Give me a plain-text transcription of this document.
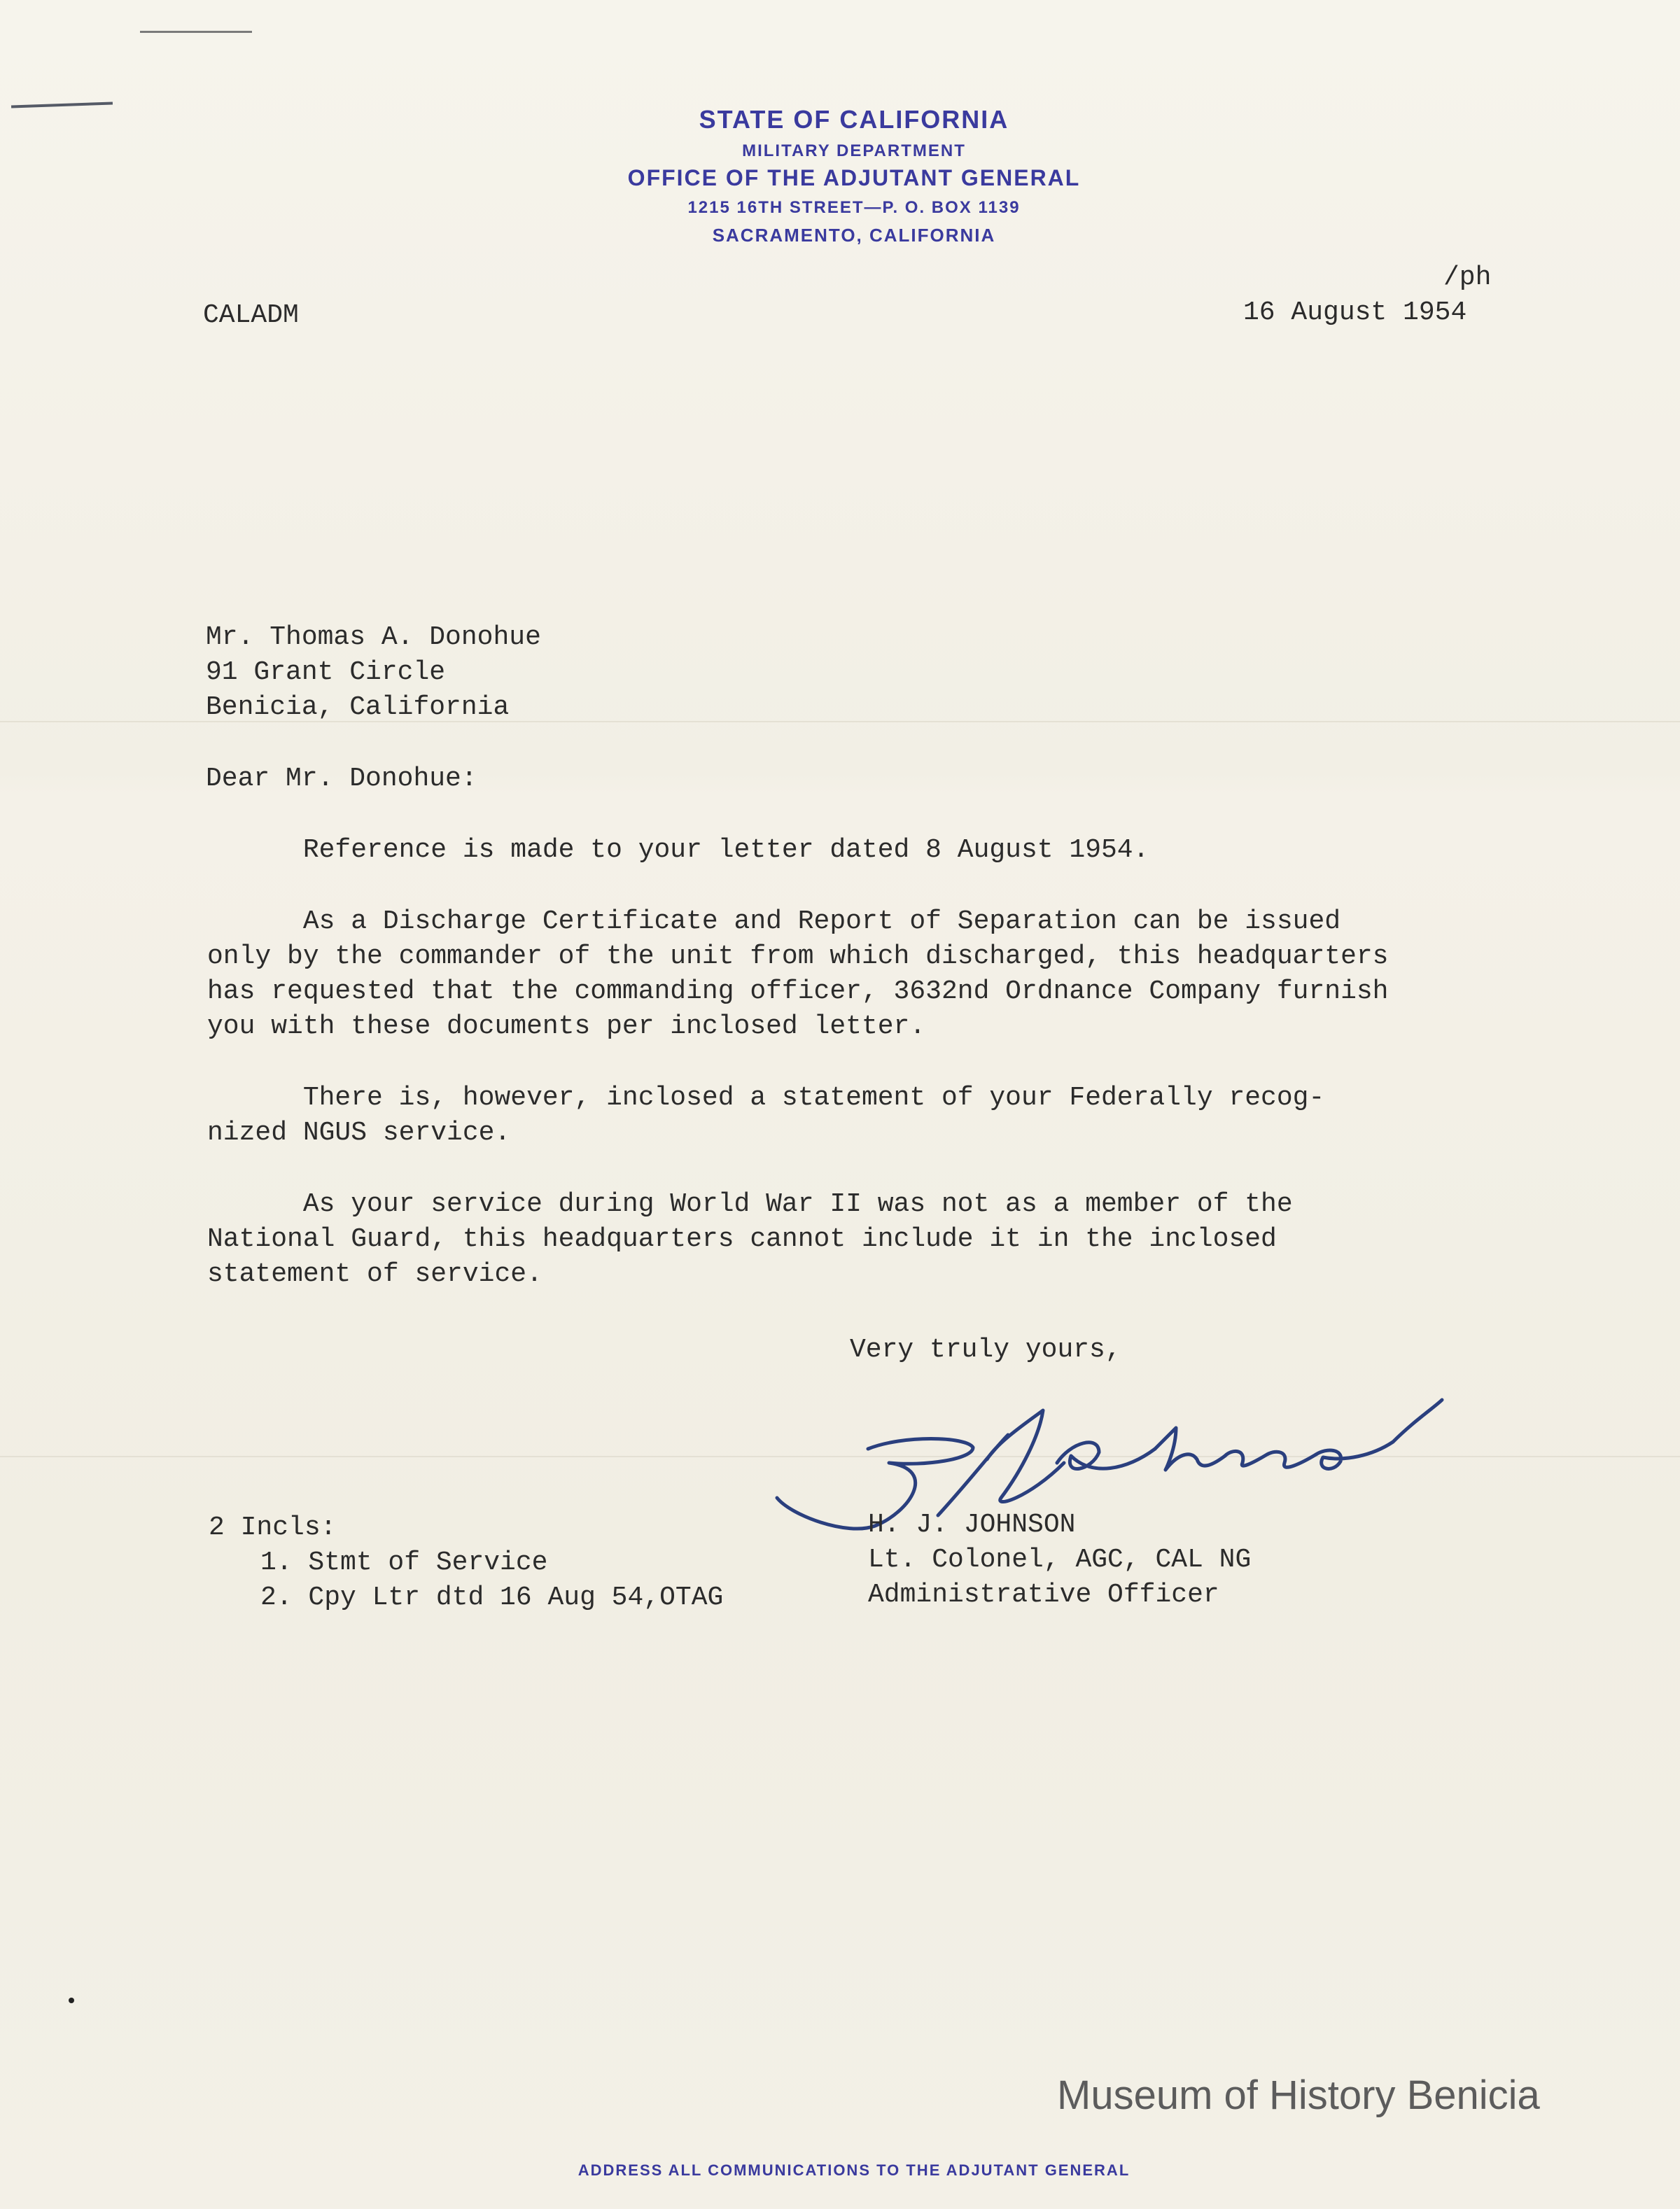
STATE OF CALIFORNIA
MILITARY DEPARTMENT
OFFICE OF THE ADJUTANT GENERAL
1215 16TH STREET—P. O. BOX 1139
SACRAMENTO, CALIFORNIA
/ph
CALADM	16 August 1954
Mr. Thomas A. Donohue
91 Grant Circle
Benicia, California
Dear Mr. Donohue:
Reference is made to your letter dated 8 August 1954.
As a Discharge Certificate and Report of Separation can be issued
only by the commander of the unit from which discharged, this headquarters
has requested that the commanding officer, 3632nd Ordnance Company furnish
you with these documents per inclosed letter.
There is, however, inclosed a statement of your Federally recog-
nized NGUS service.
As your service during World War II was not as a member of the
National Guard, this headquarters cannot include it in the inclosed
statement of service.
Very truly yours,
H. J. JOHNSON
Lt. Colonel, AGC, CAL NG
Administrative Officer
2 Incls:
1. Stmt of Service
2. Cpy Ltr dtd 16 Aug 54,OTAG
Museum of History Benicia
ADDRESS ALL COMMUNICATIONS TO THE ADJUTANT GENERAL
